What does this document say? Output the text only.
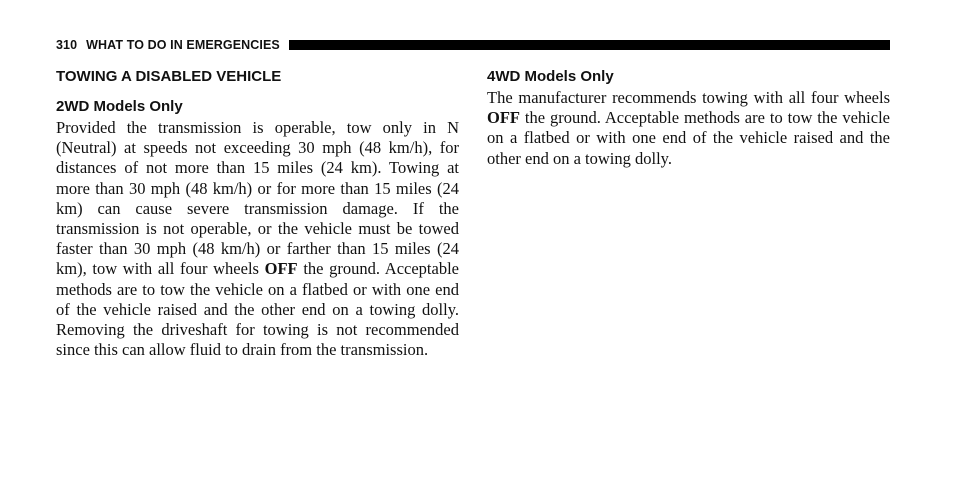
310 WHAT TO DO IN EMERGENCIES
TOWING A DISABLED VEHICLE
2WD Models Only

Provided the transmission is operable, tow only in N (Neutral) at speeds not exceeding 30 mph (48 km/h), for distances of not more than 15 miles (24 km). Towing at more than 30 mph (48 km/h) or for more than 15 miles (24 km) can cause severe transmission damage. If the transmission is not operable, or the vehicle must be towed faster than 30 mph (48 km/h) or farther than 15 miles (24 km), tow with all four wheels OFF the ground. Acceptable methods are to tow the vehicle on a flatbed or with one end of the vehicle raised and the other end on a towing dolly. Removing the driveshaft for towing is not recommended since this can allow fluid to drain from the transmission.

4WD Models Only

The manufacturer recommends towing with all four wheels OFF the ground. Acceptable methods are to tow the vehicle on a flatbed or with one end of the vehicle raised and the other end on a towing dolly.
